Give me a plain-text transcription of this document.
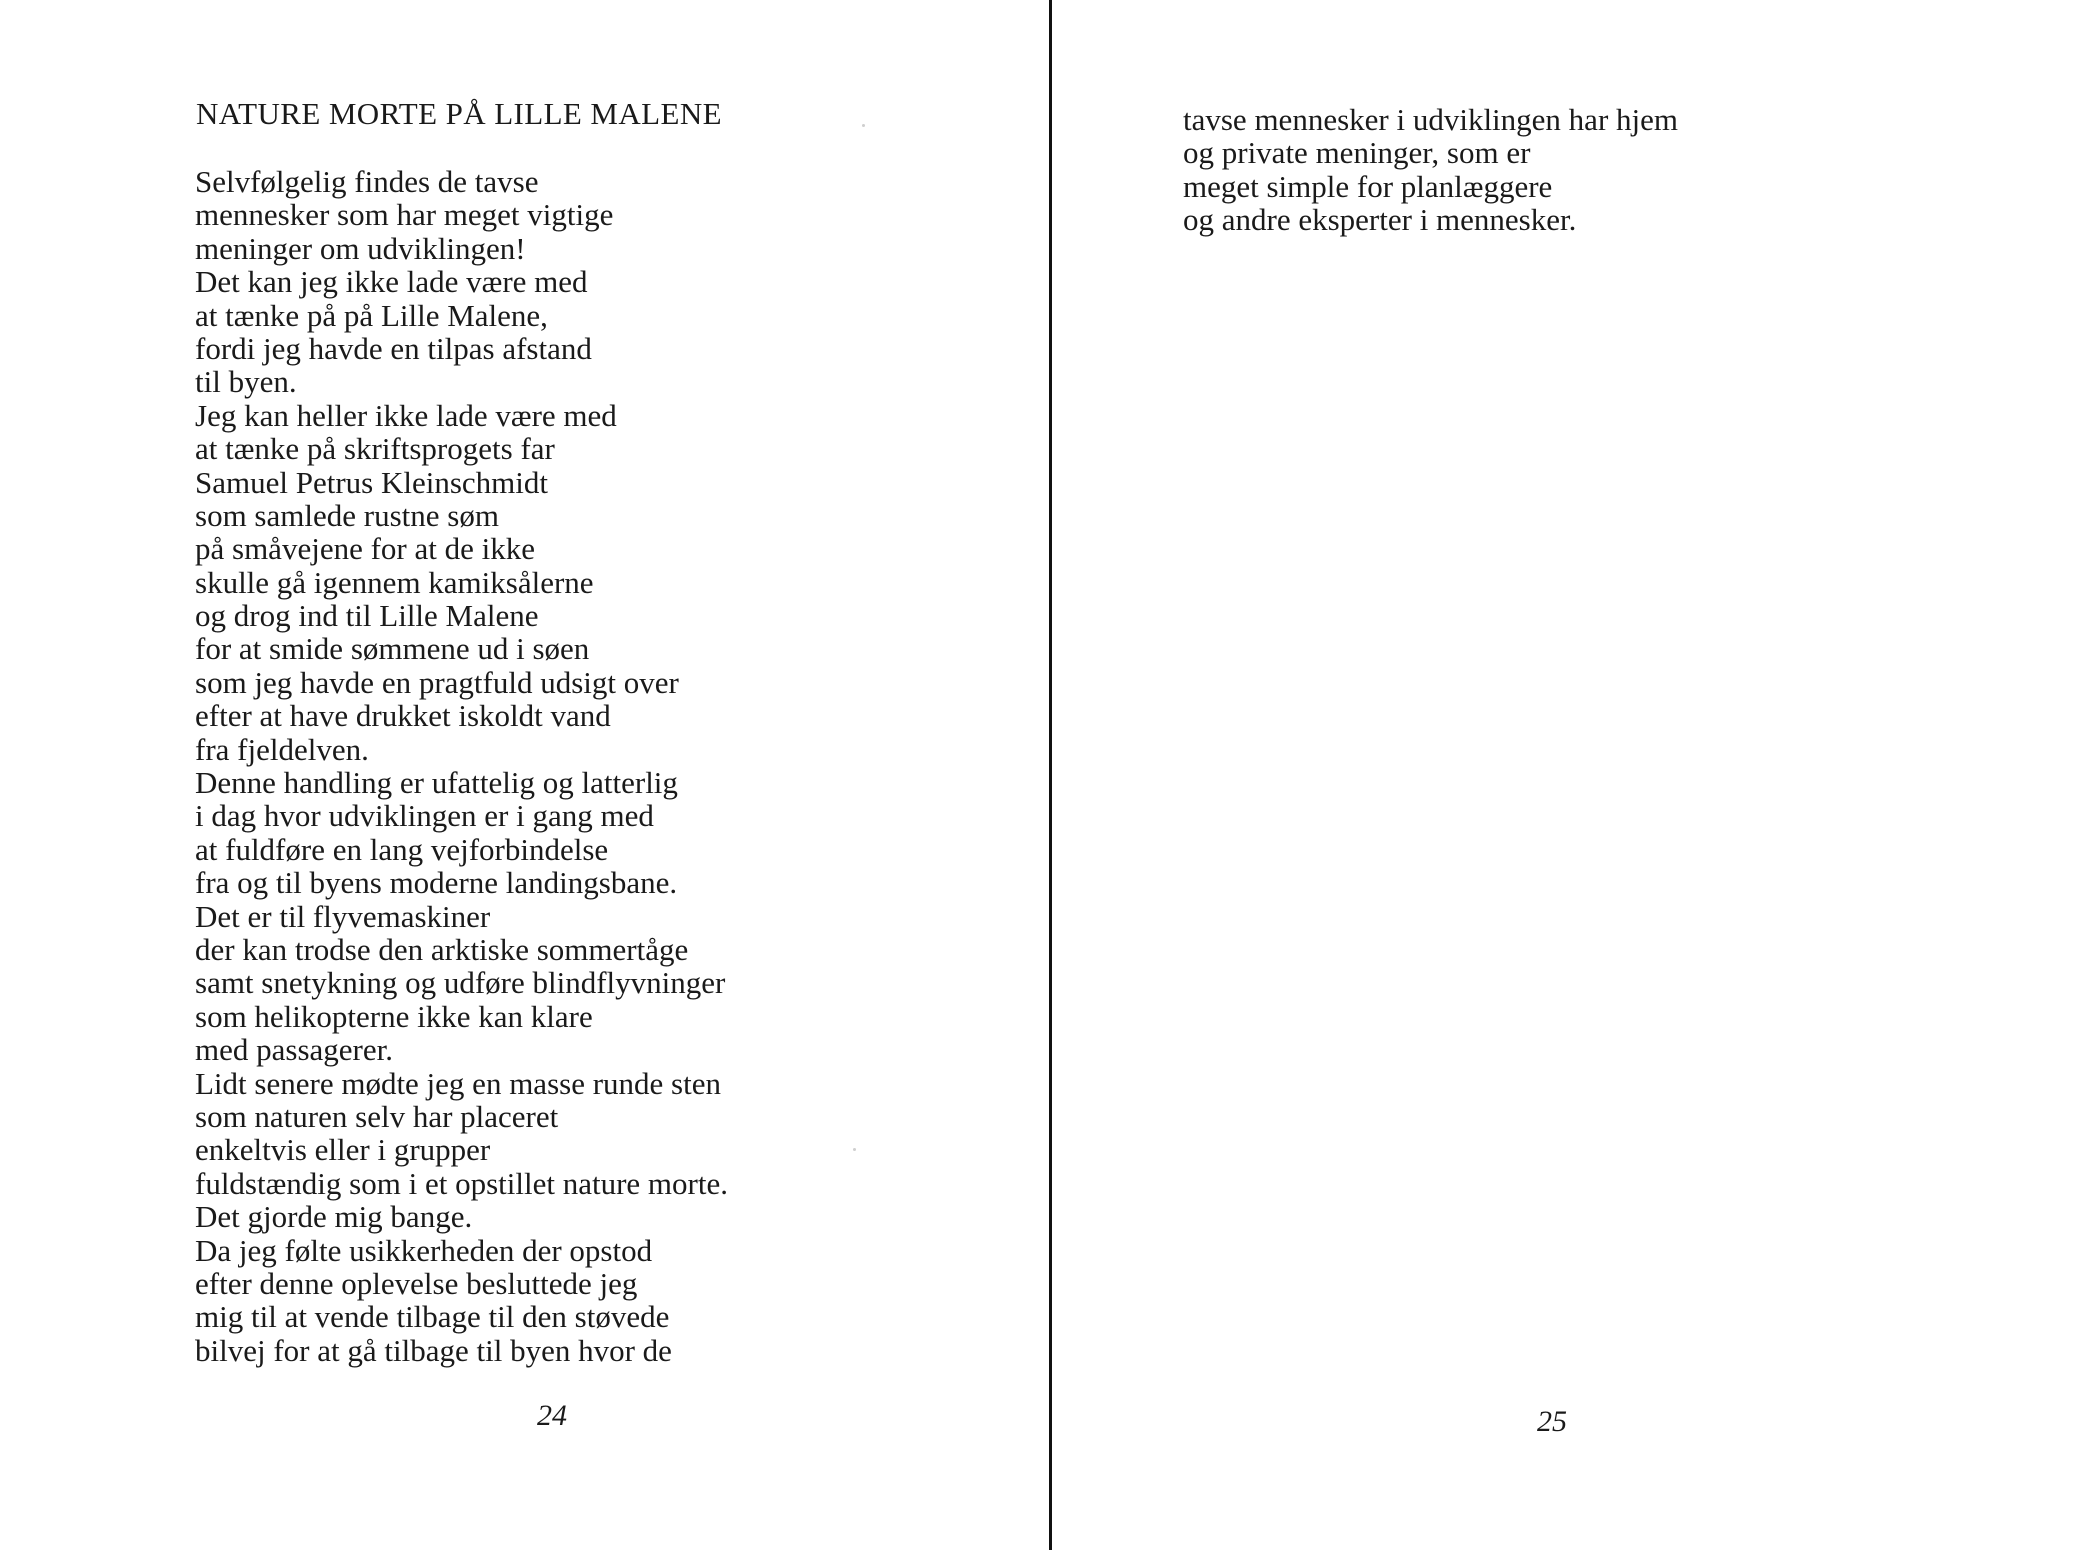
NATURE MORTE PÅ LILLE MALENE
Selvfølgelig findes de tavse
mennesker som har meget vigtige
meninger om udviklingen!
Det kan jeg ikke lade være med
at tænke på på Lille Malene,
fordi jeg havde en tilpas afstand
til byen.
Jeg kan heller ikke lade være med
at tænke på skriftsprogets far
Samuel Petrus Kleinschmidt
som samlede rustne søm
på småvejene for at de ikke
skulle gå igennem kamiksålerne
og drog ind til Lille Malene
for at smide sømmene ud i søen
som jeg havde en pragtfuld udsigt over
efter at have drukket iskoldt vand
fra fjeldelven.
Denne handling er ufattelig og latterlig
i dag hvor udviklingen er i gang med
at fuldføre en lang vejforbindelse
fra og til byens moderne landingsbane.
Det er til flyvemaskiner
der kan trodse den arktiske sommertåge
samt snetykning og udføre blindflyvninger
som helikopterne ikke kan klare
med passagerer.
Lidt senere mødte jeg en masse runde sten
som naturen selv har placeret
enkeltvis eller i grupper
fuldstændig som i et opstillet nature morte.
Det gjorde mig bange.
Da jeg følte usikkerheden der opstod
efter denne oplevelse besluttede jeg
mig til at vende tilbage til den støvede
bilvej for at gå tilbage til byen hvor de
24
tavse mennesker i udviklingen har hjem
og private meninger, som er
meget simple for planlæggere
og andre eksperter i mennesker.
25
